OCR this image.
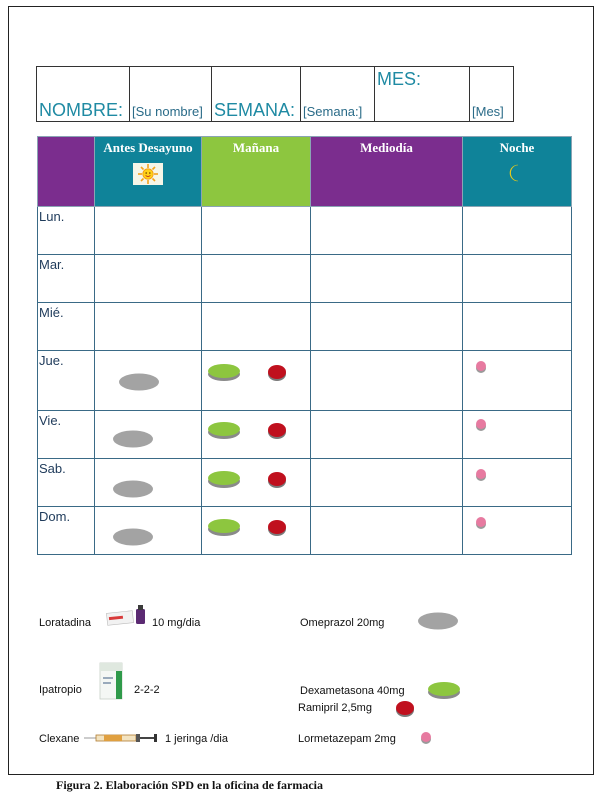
NOMBRE:	[Su nombre]	SEMANA:	[Semana:]	MES:	[Mes]
	Antes Desayuno	Mañana	Mediodía	Noche

Lun.				
Mar.				
Mié.				
Jue.	

Vie.	

Sab.	

Dom.	

Loratadina	10 mg/dia	Omeprazol 20mg
Ipatropio	2-2-2	Dexametasona 40mg
Ramipril 2,5mg
Clexane	1 jeringa /dia	Lormetazepam 2mg
Figura 2. Elaboración SPD en la oficina de farmacia
